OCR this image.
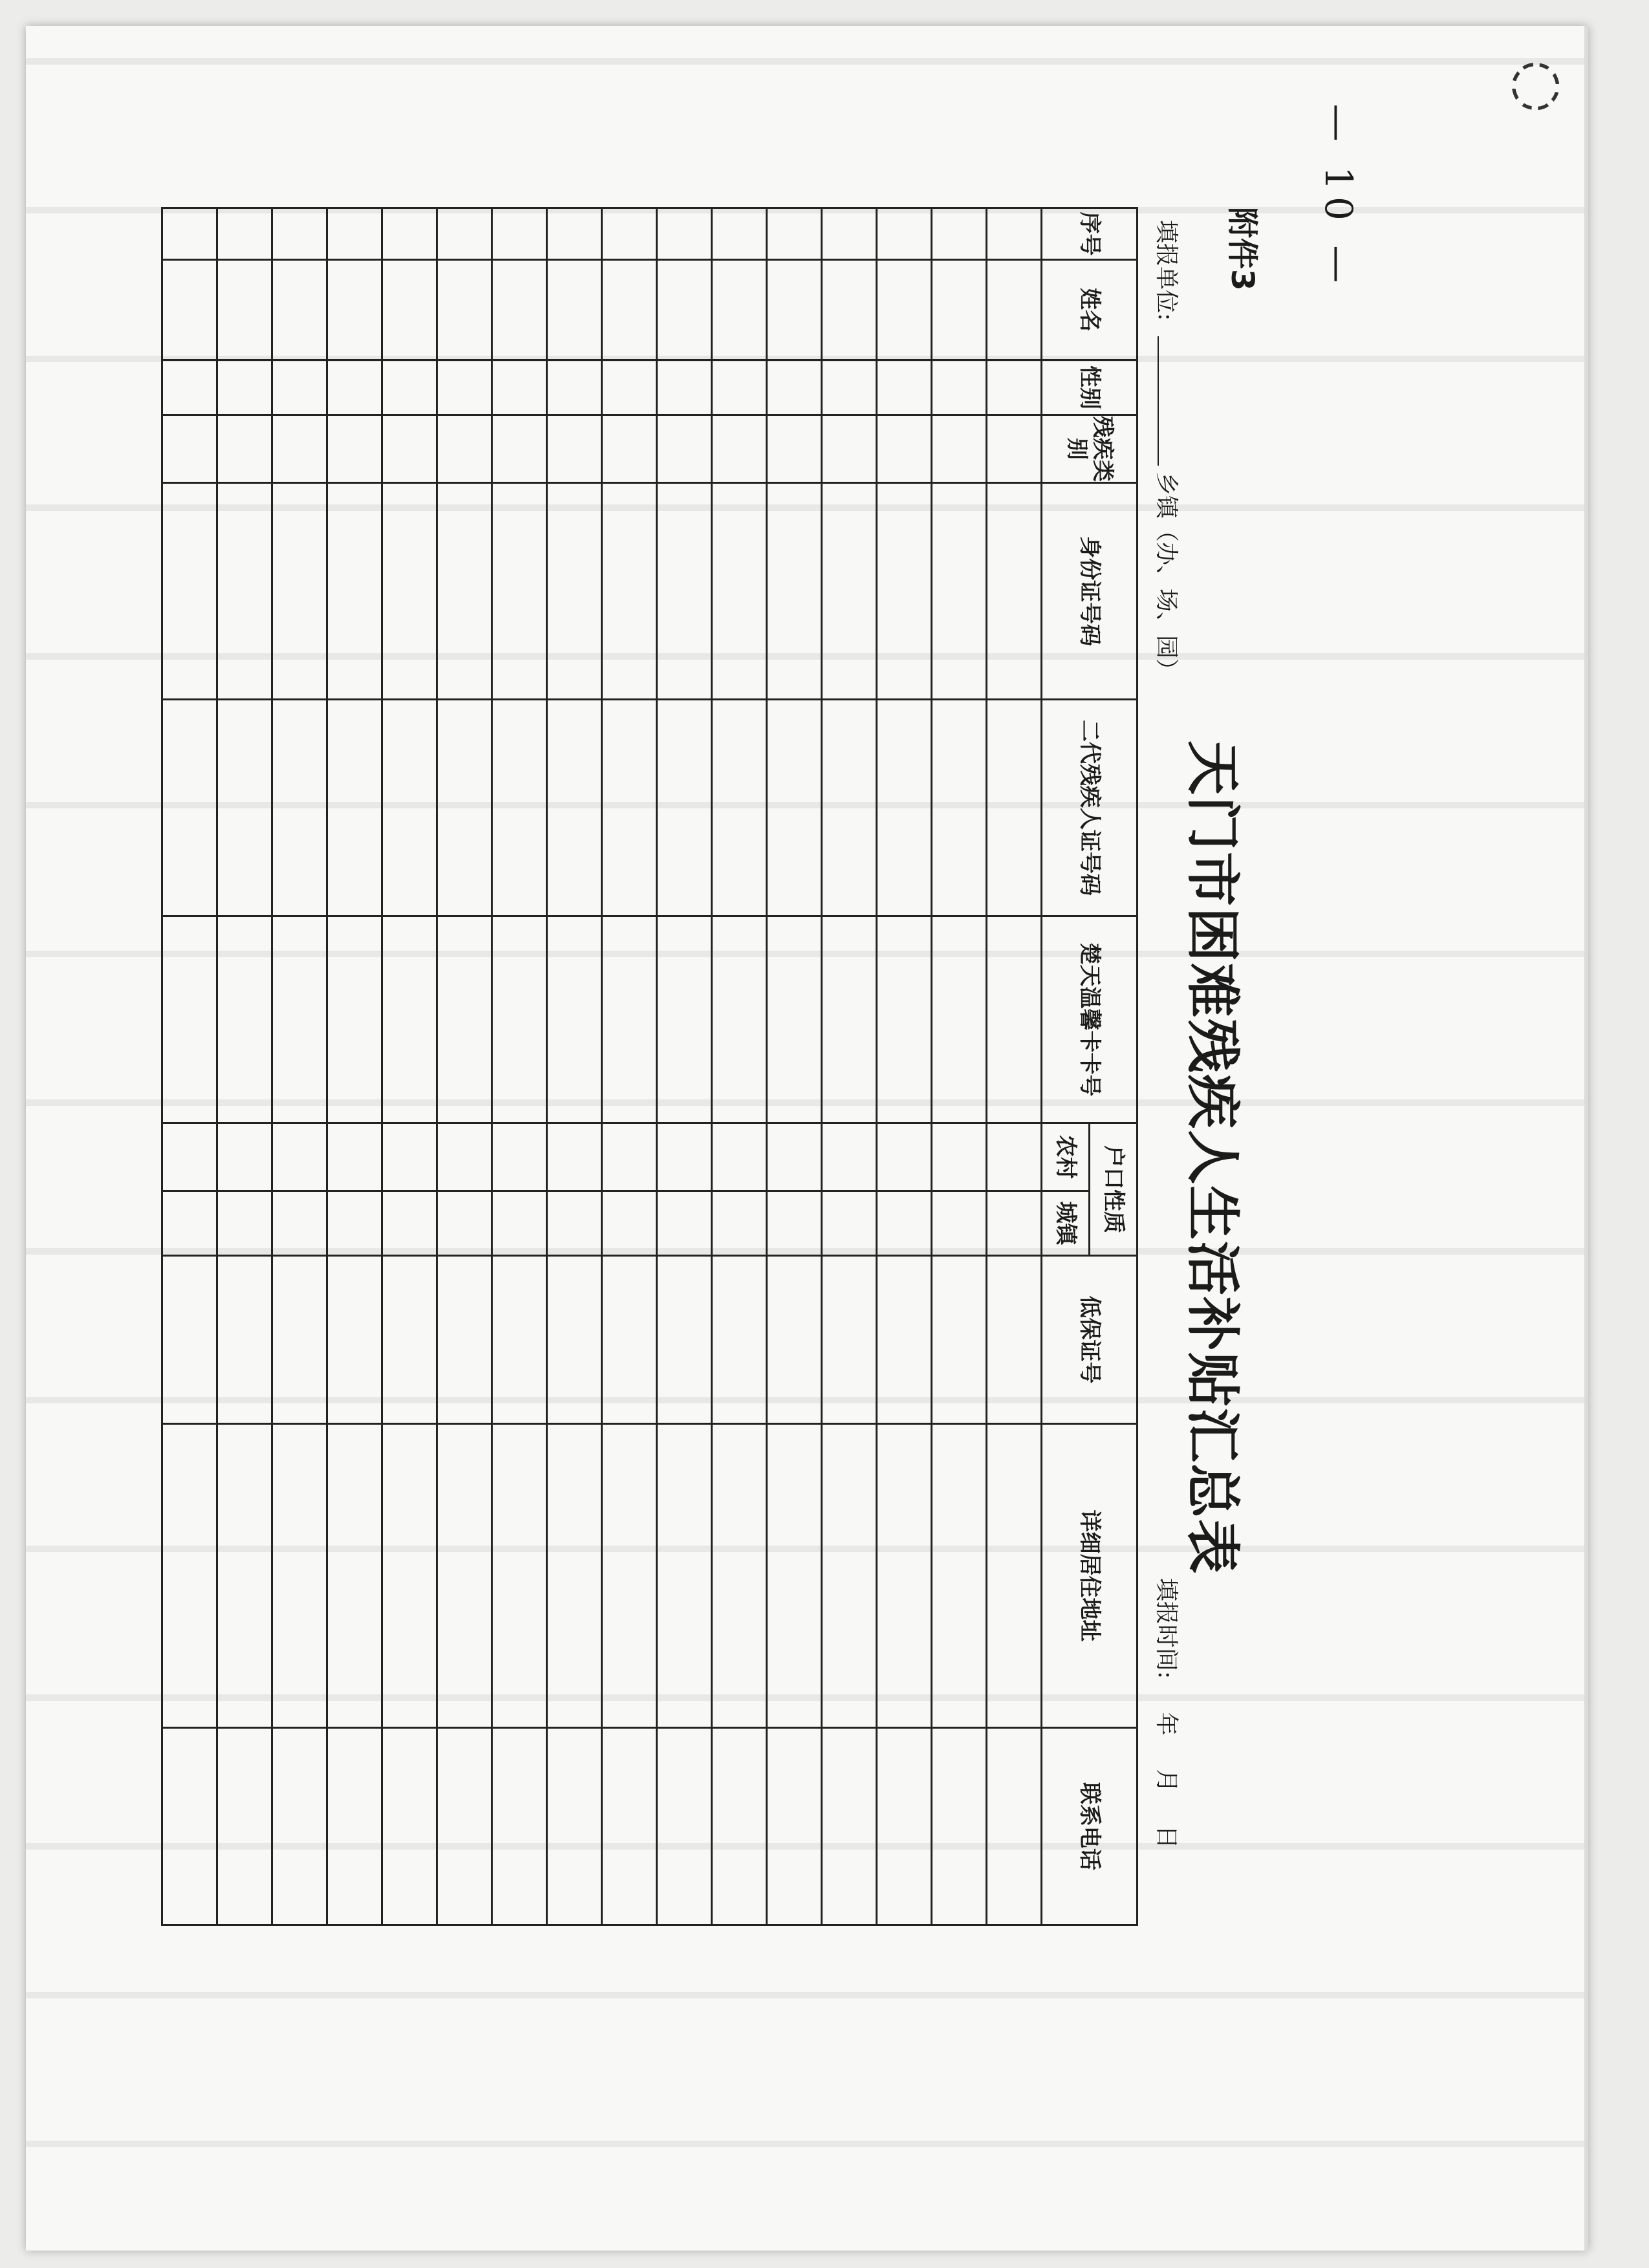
◌
— 10 —
附件3
天门市困难残疾人生活补贴汇总表
填报单位:
乡镇（办、场、园）
填报时间: 年 月 日
序号	姓名	性别	残疾类别	身份证号码	二代残疾人证号码	楚天温馨卡卡号	户口性质		低保证号	详细居住地址	联系电话
							农村	城镇			
